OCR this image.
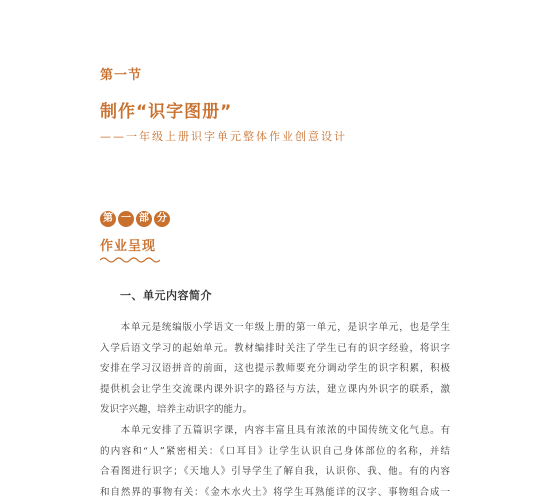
第一节
制作“识字图册”
——一年级上册识字单元整体作业创意设计
第 一 部 分
作业呈现
一、单元内容简介
　　本单元是统编版小学语文一年级上册的第一单元，是识字单元，也是学生
入学后语文学习的起始单元。教材编排时关注了学生已有的识字经验，将识字
安排在学习汉语拼音的前面，这也提示教师要充分调动学生的识字积累，积极
提供机会让学生交流课内课外识字的路径与方法，建立课内外识字的联系，激
发识字兴趣，培养主动识字的能力。
　　本单元安排了五篇识字课，内容丰富且具有浓浓的中国传统文化气息。有
的内容和“人”紧密相关：《口耳目》让学生认识自己身体部位的名称，并结
合看图进行识字；《天地人》引导学生了解自我，认识你、我、他。有的内容
和自然界的事物有关：《金木水火土》将学生耳熟能详的汉字、事物组合成一
